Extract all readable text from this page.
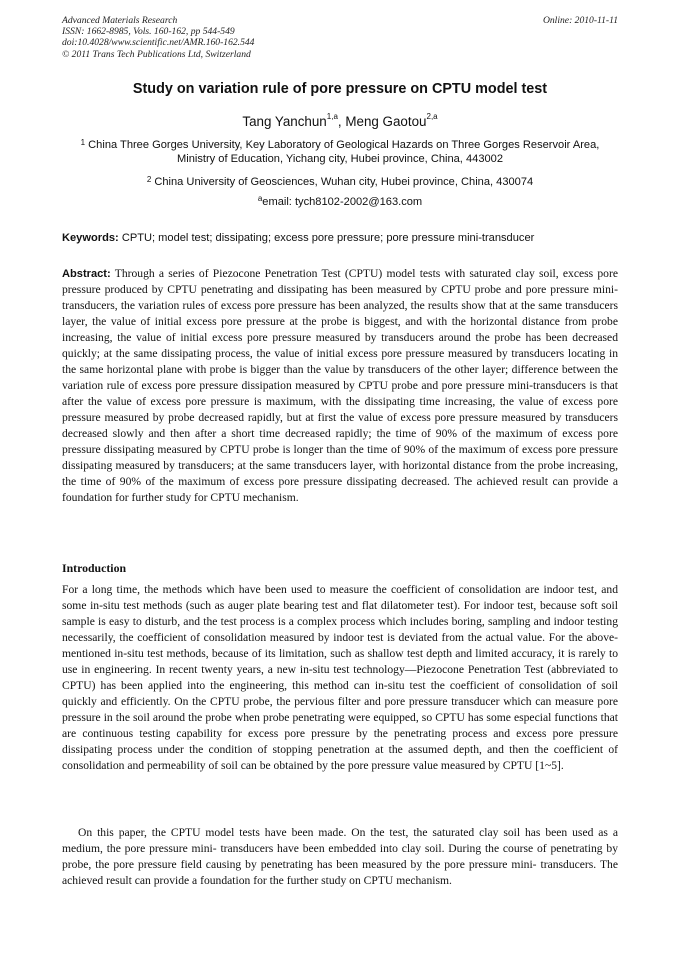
Advanced Materials Research
ISSN: 1662-8985, Vols. 160-162, pp 544-549
doi:10.4028/www.scientific.net/AMR.160-162.544
© 2011 Trans Tech Publications Ltd, Switzerland
Online: 2010-11-11
Study on variation rule of pore pressure on CPTU model test
Tang Yanchun$^{1,a}$, Meng Gaotou$^{2,a}$
$^1$ China Three Gorges University, Key Laboratory of Geological Hazards on Three Gorges Reservoir Area, Ministry of Education, Yichang city, Hubei province, China, 443002
$^2$ China University of Geosciences, Wuhan city, Hubei province, China, 430074
$^a$email: tych8102-2002@163.com
Keywords: CPTU; model test; dissipating; excess pore pressure; pore pressure mini-transducer
Abstract: Through a series of Piezocone Penetration Test (CPTU) model tests with saturated clay soil, excess pore pressure produced by CPTU penetrating and dissipating has been measured by CPTU probe and pore pressure mini-transducers, the variation rules of excess pore pressure has been analyzed, the results show that at the same transducers layer, the value of initial excess pore pressure at the probe is biggest, and with the horizontal distance from probe increasing, the value of initial excess pore pressure measured by transducers around the probe has been decreased quickly; at the same dissipating process, the value of initial excess pore pressure measured by transducers locating in the same horizontal plane with probe is bigger than the value by transducers of the other layer; difference between the variation rule of excess pore pressure dissipation measured by CPTU probe and pore pressure mini-transducers is that after the value of excess pore pressure is maximum, with the dissipating time increasing, the value of excess pore pressure measured by probe decreased rapidly, but at first the value of excess pore pressure measured by transducers decreased slowly and then after a short time decreased rapidly; the time of 90% of the maximum of excess pore pressure dissipating measured by CPTU probe is longer than the time of 90% of the maximum of excess pore pressure dissipating measured by transducers; at the same transducers layer, with horizontal distance from the probe increasing, the time of 90% of the maximum of excess pore pressure dissipating decreased. The achieved result can provide a foundation for further study for CPTU mechanism.
Introduction

For a long time, the methods which have been used to measure the coefficient of consolidation are indoor test, and some in-situ test methods (such as auger plate bearing test and flat dilatometer test). For indoor test, because soft soil sample is easy to disturb, and the test process is a complex process which includes boring, sampling and indoor testing necessarily, the coefficient of consolidation measured by indoor test is deviated from the actual value. For the above-mentioned in-situ test methods, because of its limitation, such as shallow test depth and limited accuracy, it is rarely to use in engineering. In recent twenty years, a new in-situ test technology—Piezocone Penetration Test (abbreviated to CPTU) has been applied into the engineering, this method can in-situ test the coefficient of consolidation of soil quickly and efficiently. On the CPTU probe, the pervious filter and pore pressure transducer which can measure pore pressure in the soil around the probe when probe penetrating were equipped, so CPTU has some especial functions that are continuous testing capability for excess pore pressure by the penetrating process and excess pore pressure dissipating process under the condition of stopping penetration at the assumed depth, and then the coefficient of consolidation and permeability of soil can be obtained by the pore pressure value measured by CPTU [1~5].

On this paper, the CPTU model tests have been made. On the test, the saturated clay soil has been used as a medium, the pore pressure mini- transducers have been embedded into clay soil. During the course of penetrating by probe, the pore pressure field causing by penetrating has been measured by the pore pressure mini- transducers. The achieved result can provide a foundation for the further study on CPTU mechanism.
